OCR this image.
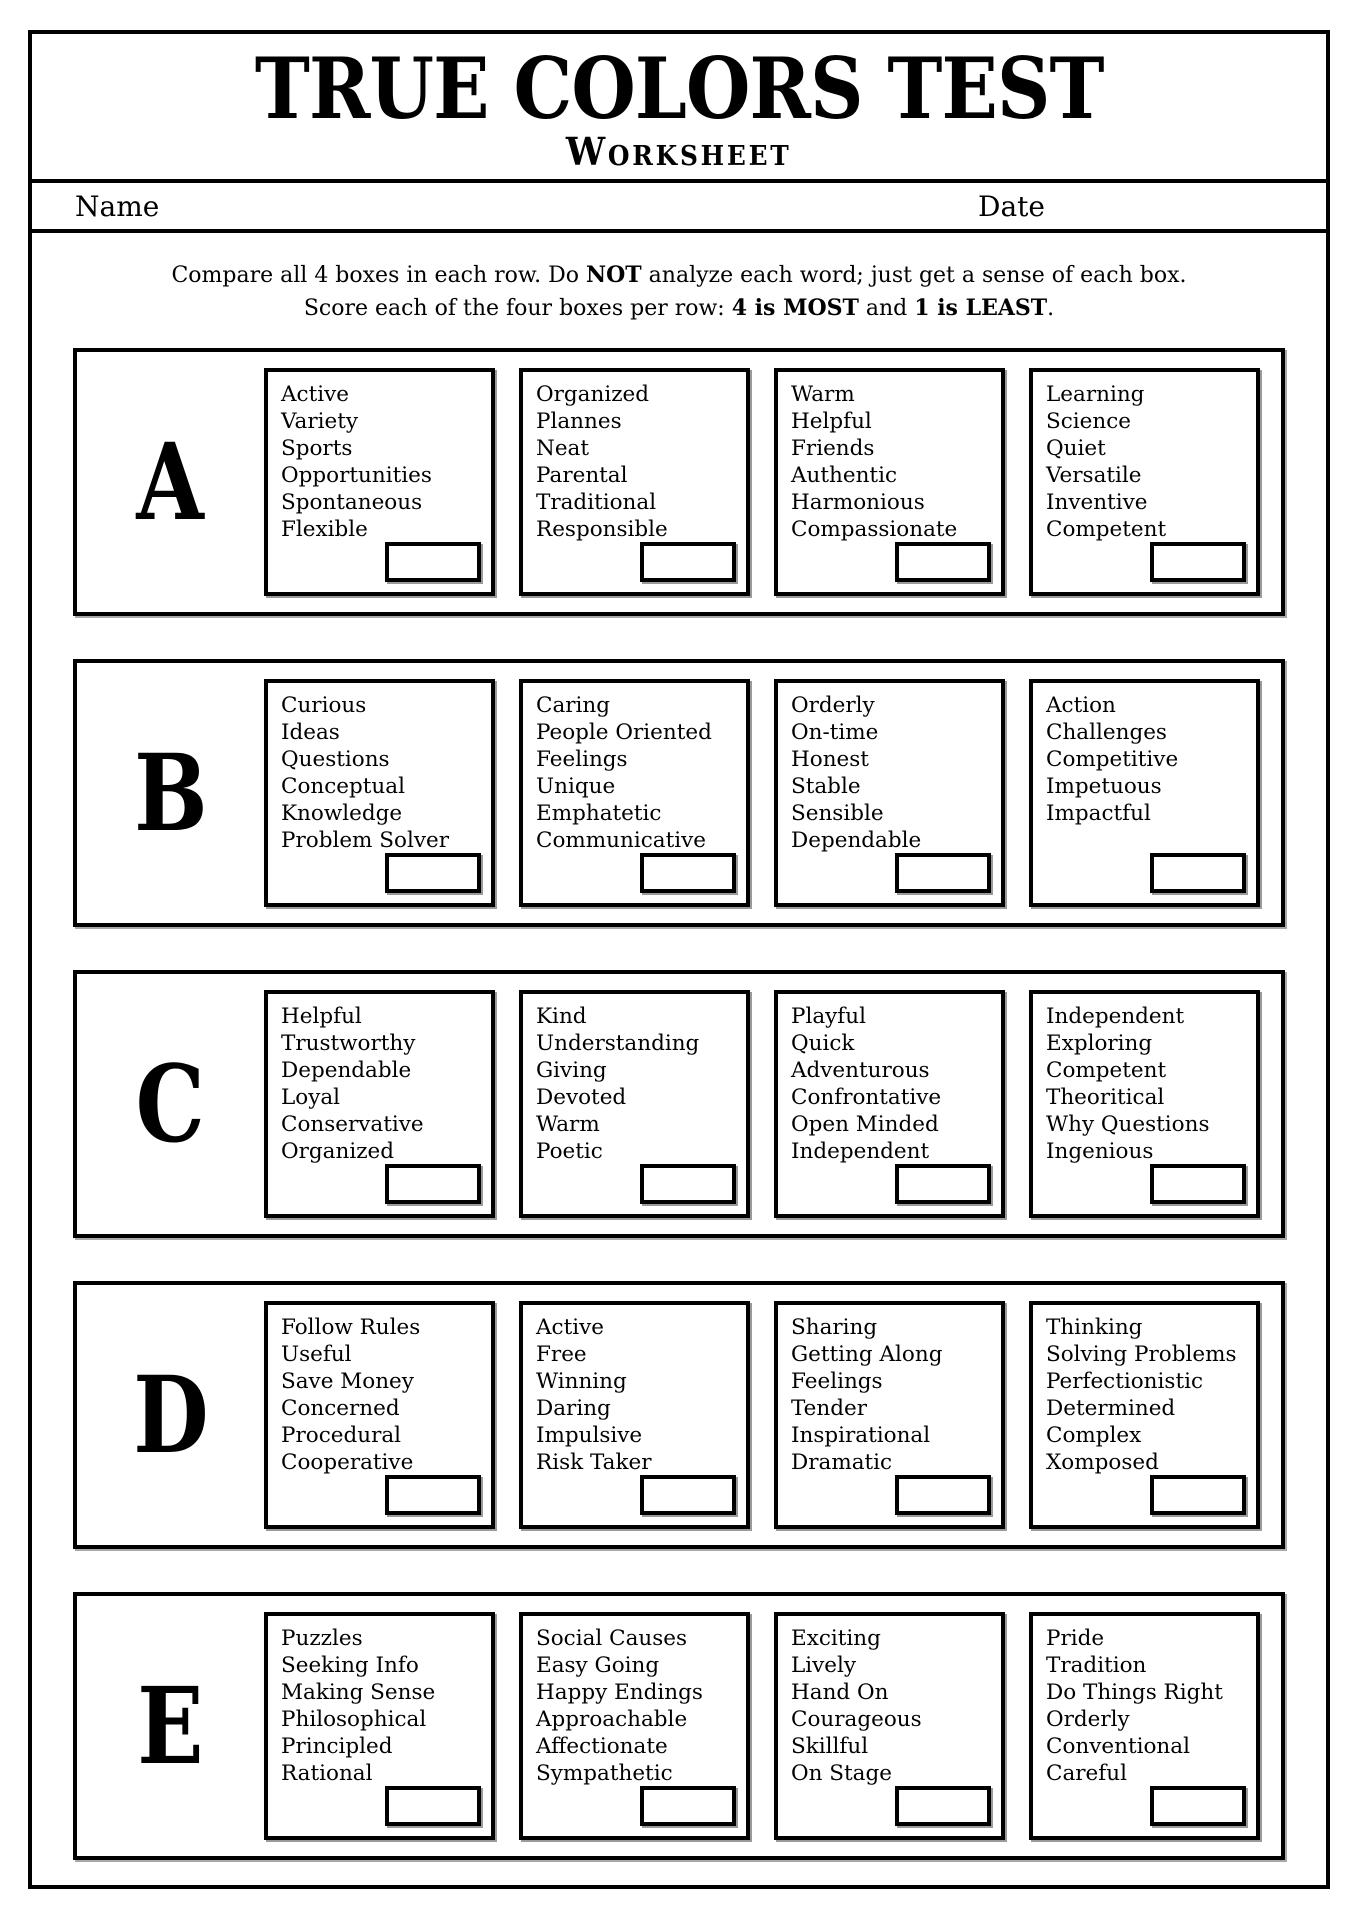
TRUE COLORS TEST
Worksheet
Name	Date
Compare all 4 boxes in each row. Do NOT analyze each word; just get a sense of each box.
Score each of the four boxes per row: 4 is MOST and 1 is LEAST.
A
Active
Variety
Sports
Opportunities
Spontaneous
Flexible
Organized
Plannes
Neat
Parental
Traditional
Responsible
Warm
Helpful
Friends
Authentic
Harmonious
Compassionate
Learning
Science
Quiet
Versatile
Inventive
Competent
B
Curious
Ideas
Questions
Conceptual
Knowledge
Problem Solver
Caring
People Oriented
Feelings
Unique
Emphatetic
Communicative
Orderly
On-time
Honest
Stable
Sensible
Dependable
Action
Challenges
Competitive
Impetuous
Impactful
C
Helpful
Trustworthy
Dependable
Loyal
Conservative
Organized
Kind
Understanding
Giving
Devoted
Warm
Poetic
Playful
Quick
Adventurous
Confrontative
Open Minded
Independent
Independent
Exploring
Competent
Theoritical
Why Questions
Ingenious
D
Follow Rules
Useful
Save Money
Concerned
Procedural
Cooperative
Active
Free
Winning
Daring
Impulsive
Risk Taker
Sharing
Getting Along
Feelings
Tender
Inspirational
Dramatic
Thinking
Solving Problems
Perfectionistic
Determined
Complex
Xomposed
E
Puzzles
Seeking Info
Making Sense
Philosophical
Principled
Rational
Social Causes
Easy Going
Happy Endings
Approachable
Affectionate
Sympathetic
Exciting
Lively
Hand On
Courageous
Skillful
On Stage
Pride
Tradition
Do Things Right
Orderly
Conventional
Careful
